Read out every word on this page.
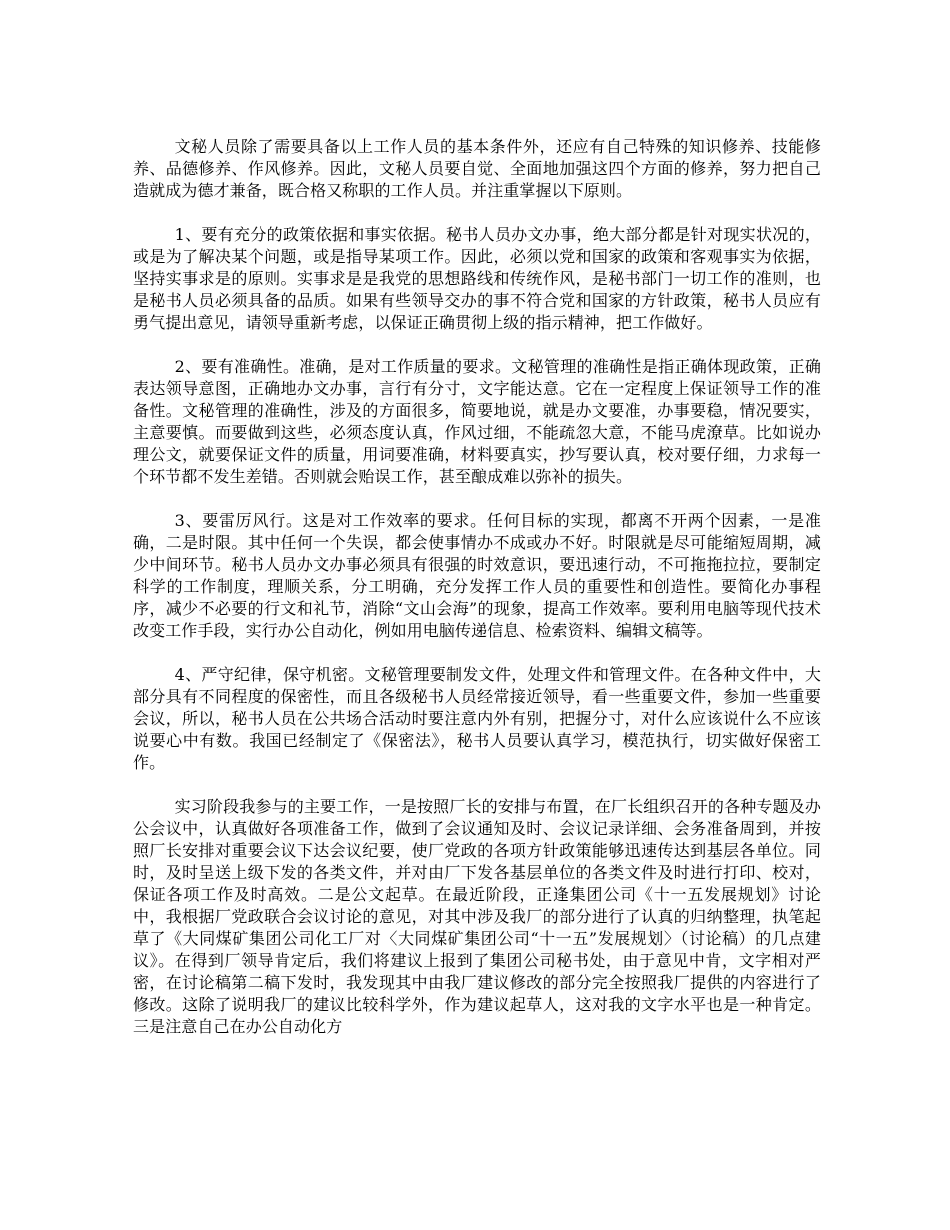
文秘人员除了需要具备以上工作人员的基本条件外，还应有自己特殊的知识修养、技能修养、品德修养、作风修养。因此，文秘人员要自觉、全面地加强这四个方面的修养，努力把自己造就成为德才兼备，既合格又称职的工作人员。并注重掌握以下原则。

1、要有充分的政策依据和事实依据。秘书人员办文办事，绝大部分都是针对现实状况的，或是为了解决某个问题，或是指导某项工作。因此，必须以党和国家的政策和客观事实为依据，坚持实事求是的原则。实事求是是我党的思想路线和传统作风，是秘书部门一切工作的准则，也是秘书人员必须具备的品质。如果有些领导交办的事不符合党和国家的方针政策，秘书人员应有勇气提出意见，请领导重新考虑，以保证正确贯彻上级的指示精神，把工作做好。

2、要有准确性。准确，是对工作质量的要求。文秘管理的准确性是指正确体现政策，正确表达领导意图，正确地办文办事，言行有分寸，文字能达意。它在一定程度上保证领导工作的准备性。文秘管理的准确性，涉及的方面很多，简要地说，就是办文要准，办事要稳，情况要实，主意要慎。而要做到这些，必须态度认真，作风过细，不能疏忽大意，不能马虎潦草。比如说办理公文，就要保证文件的质量，用词要准确，材料要真实，抄写要认真，校对要仔细，力求每一个环节都不发生差错。否则就会贻误工作，甚至酿成难以弥补的损失。

3、要雷厉风行。这是对工作效率的要求。任何目标的实现，都离不开两个因素，一是准确，二是时限。其中任何一个失误，都会使事情办不成或办不好。时限就是尽可能缩短周期，减少中间环节。秘书人员办文办事必须具有很强的时效意识，要迅速行动，不可拖拖拉拉，要制定科学的工作制度，理顺关系，分工明确，充分发挥工作人员的重要性和创造性。要简化办事程序，减少不必要的行文和礼节，消除“文山会海”的现象，提高工作效率。要利用电脑等现代技术改变工作手段，实行办公自动化，例如用电脑传递信息、检索资料、编辑文稿等。

4、严守纪律，保守机密。文秘管理要制发文件，处理文件和管理文件。在各种文件中，大部分具有不同程度的保密性，而且各级秘书人员经常接近领导，看一些重要文件，参加一些重要会议，所以，秘书人员在公共场合活动时要注意内外有别，把握分寸，对什么应该说什么不应该说要心中有数。我国已经制定了《保密法》，秘书人员要认真学习，模范执行，切实做好保密工作。

实习阶段我参与的主要工作，一是按照厂长的安排与布置，在厂长组织召开的各种专题及办公会议中，认真做好各项准备工作，做到了会议通知及时、会议记录详细、会务准备周到，并按照厂长安排对重要会议下达会议纪要，使厂党政的各项方针政策能够迅速传达到基层各单位。同时，及时呈送上级下发的各类文件，并对由厂下发各基层单位的各类文件及时进行打印、校对，保证各项工作及时高效。二是公文起草。在最近阶段，正逢集团公司《十一五发展规划》讨论中，我根据厂党政联合会议讨论的意见，对其中涉及我厂的部分进行了认真的归纳整理，执笔起草了《大同煤矿集团公司化工厂对〈大同煤矿集团公司“十一五”发展规划〉（讨论稿）的几点建议》。在得到厂领导肯定后，我们将建议上报到了集团公司秘书处，由于意见中肯，文字相对严密，在讨论稿第二稿下发时，我发现其中由我厂建议修改的部分完全按照我厂提供的内容进行了修改。这除了说明我厂的建议比较科学外，作为建议起草人，这对我的文字水平也是一种肯定。三是注意自己在办公自动化方
